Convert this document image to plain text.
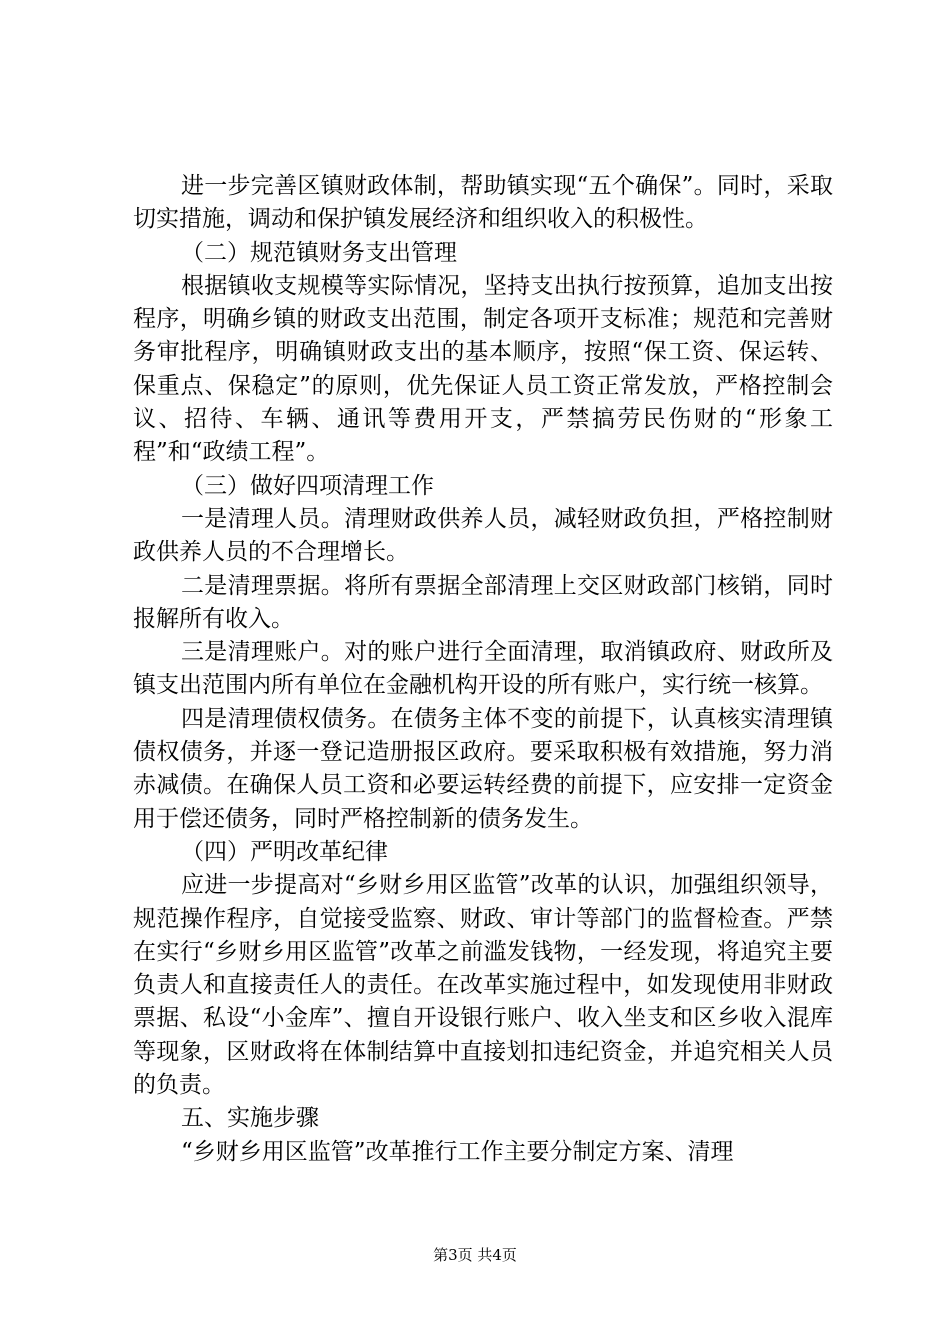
进一步完善区镇财政体制，帮助镇实现“五个确保”。同时，采取切实措施，调动和保护镇发展经济和组织收入的积极性。

（二）规范镇财务支出管理

根据镇收支规模等实际情况，坚持支出执行按预算，追加支出按程序，明确乡镇的财政支出范围，制定各项开支标准；规范和完善财务审批程序，明确镇财政支出的基本顺序，按照“保工资、保运转、保重点、保稳定”的原则，优先保证人员工资正常发放，严格控制会议、招待、车辆、通讯等费用开支，严禁搞劳民伤财的“形象工程”和“政绩工程”。

（三）做好四项清理工作

一是清理人员。清理财政供养人员，减轻财政负担，严格控制财政供养人员的不合理增长。

二是清理票据。将所有票据全部清理上交区财政部门核销，同时报解所有收入。

三是清理账户。对的账户进行全面清理，取消镇政府、财政所及镇支出范围内所有单位在金融机构开设的所有账户，实行统一核算。

四是清理债权债务。在债务主体不变的前提下，认真核实清理镇债权债务，并逐一登记造册报区政府。要采取积极有效措施，努力消赤减债。在确保人员工资和必要运转经费的前提下，应安排一定资金用于偿还债务，同时严格控制新的债务发生。

（四）严明改革纪律

应进一步提高对“乡财乡用区监管”改革的认识，加强组织领导，规范操作程序，自觉接受监察、财政、审计等部门的监督检查。严禁在实行“乡财乡用区监管”改革之前滥发钱物，一经发现，将追究主要负责人和直接责任人的责任。在改革实施过程中，如发现使用非财政票据、私设“小金库”、擅自开设银行账户、收入坐支和区乡收入混库等现象，区财政将在体制结算中直接划扣违纪资金，并追究相关人员的负责。

五、实施步骤

“乡财乡用区监管”改革推行工作主要分制定方案、清理

第3页 共4页
